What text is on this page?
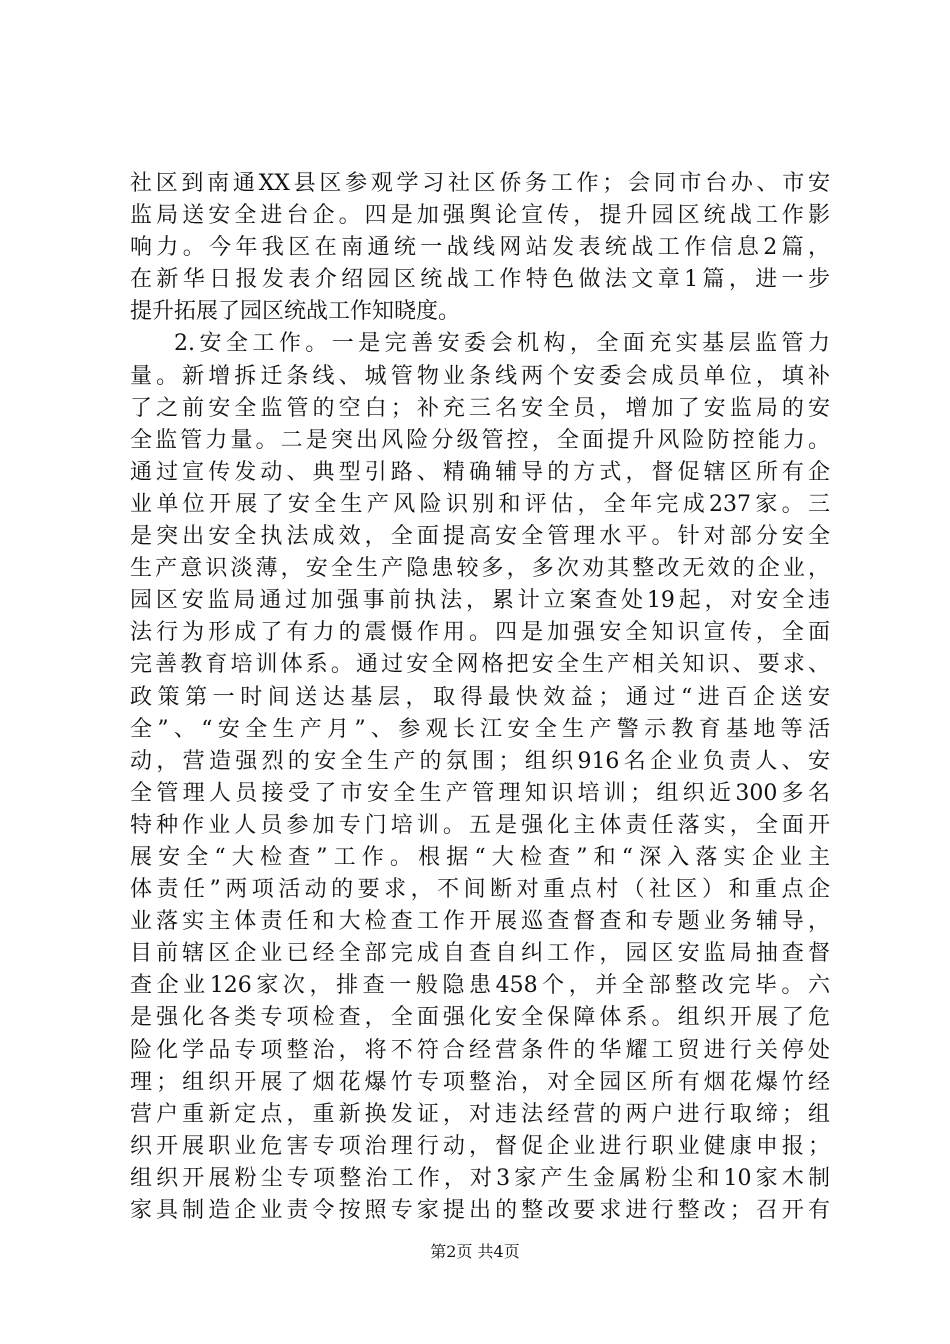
社区到南通XX县区参观学习社区侨务工作；会同市台办、市安
监局送安全进台企。四是加强舆论宣传，提升园区统战工作影
响力。今年我区在南通统一战线网站发表统战工作信息2篇，
在新华日报发表介绍园区统战工作特色做法文章1篇，进一步
提升拓展了园区统战工作知晓度。
2.安全工作。一是完善安委会机构，全面充实基层监管力
量。新增拆迁条线、城管物业条线两个安委会成员单位，填补
了之前安全监管的空白；补充三名安全员，增加了安监局的安
全监管力量。二是突出风险分级管控，全面提升风险防控能力。
通过宣传发动、典型引路、精确辅导的方式，督促辖区所有企
业单位开展了安全生产风险识别和评估，全年完成237家。三
是突出安全执法成效，全面提高安全管理水平。针对部分安全
生产意识淡薄，安全生产隐患较多，多次劝其整改无效的企业，
园区安监局通过加强事前执法，累计立案查处19起，对安全违
法行为形成了有力的震慑作用。四是加强安全知识宣传，全面
完善教育培训体系。通过安全网格把安全生产相关知识、要求、
政策第一时间送达基层，取得最快效益；通过“进百企送安
全”、“安全生产月”、参观长江安全生产警示教育基地等活
动，营造强烈的安全生产的氛围；组织916名企业负责人、安
全管理人员接受了市安全生产管理知识培训；组织近300多名
特种作业人员参加专门培训。五是强化主体责任落实，全面开
展安全“大检查”工作。根据“大检查”和“深入落实企业主
体责任”两项活动的要求，不间断对重点村（社区）和重点企
业落实主体责任和大检查工作开展巡查督查和专题业务辅导，
目前辖区企业已经全部完成自查自纠工作，园区安监局抽查督
查企业126家次，排查一般隐患458个，并全部整改完毕。六
是强化各类专项检查，全面强化安全保障体系。组织开展了危
险化学品专项整治，将不符合经营条件的华耀工贸进行关停处
理；组织开展了烟花爆竹专项整治，对全园区所有烟花爆竹经
营户重新定点，重新换发证，对违法经营的两户进行取缔；组
织开展职业危害专项治理行动，督促企业进行职业健康申报；
组织开展粉尘专项整治工作，对3家产生金属粉尘和10家木制
家具制造企业责令按照专家提出的整改要求进行整改；召开有
第2页 共4页
